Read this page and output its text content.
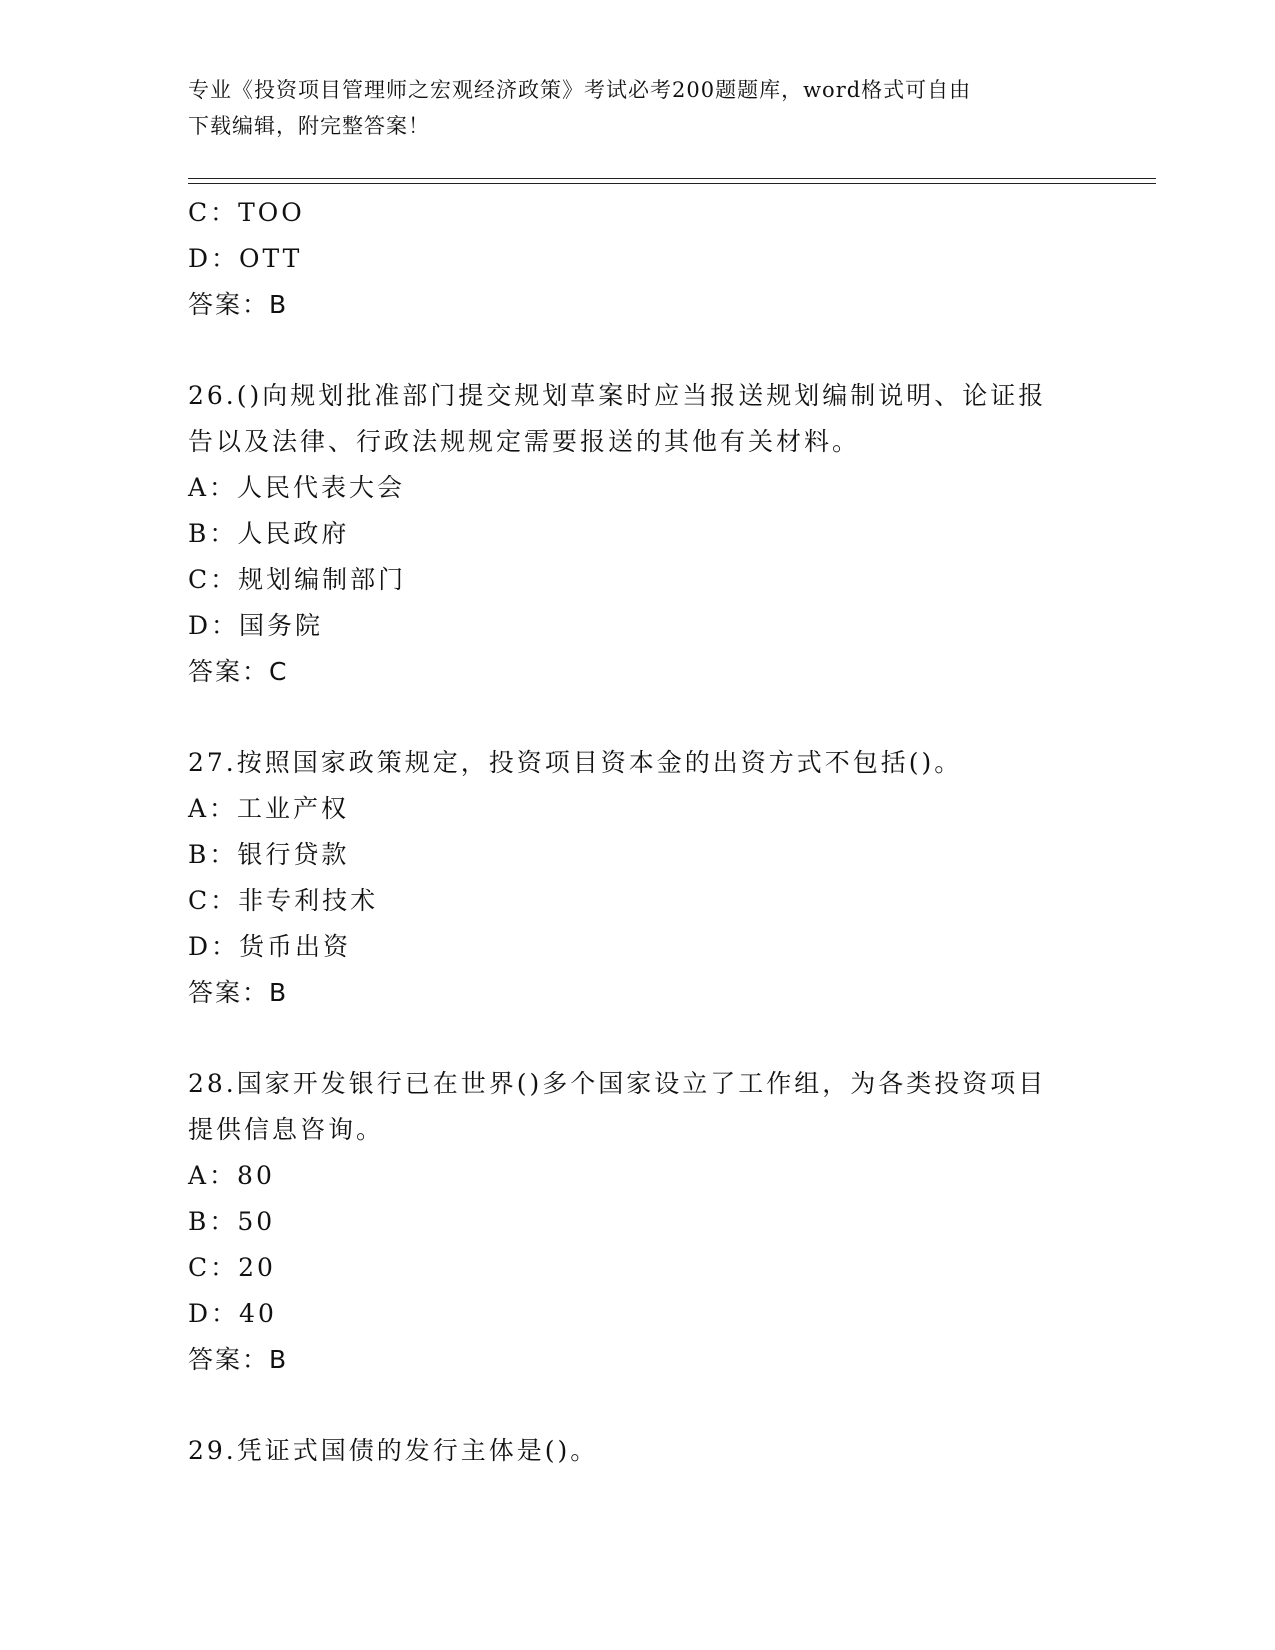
专业《投资项目管理师之宏观经济政策》考试必考200题题库，word格式可自由
下载编辑，附完整答案！
C：TOO
D：OTT
答案：B
26.()向规划批准部门提交规划草案时应当报送规划编制说明、论证报
告以及法律、行政法规规定需要报送的其他有关材料。
A：人民代表大会
B：人民政府
C：规划编制部门
D：国务院
答案：C
27.按照国家政策规定，投资项目资本金的出资方式不包括()。
A：工业产权
B：银行贷款
C：非专利技术
D：货币出资
答案：B
28.国家开发银行已在世界()多个国家设立了工作组，为各类投资项目
提供信息咨询。
A：80
B：50
C：20
D：40
答案：B
29.凭证式国债的发行主体是()。
